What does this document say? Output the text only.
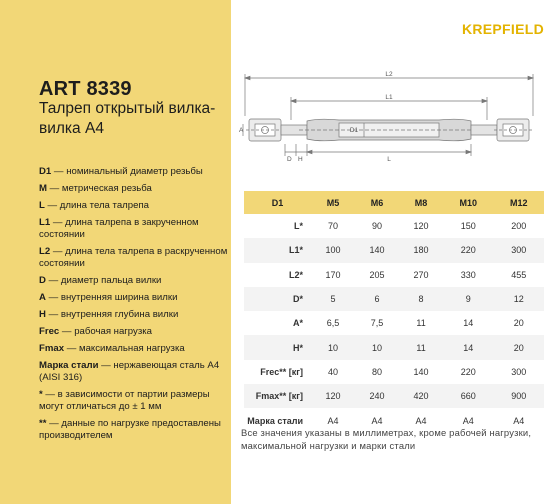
ART 8339
Талреп открытый вилка-вилка A4
D1 — номинальный диаметр резьбы
M — метрическая резьба
L — длина тела талрепа
L1 — длина талрепа в закрученном состоянии
L2 — длина тела талрепа в раскрученном состоянии
D — диаметр пальца вилки
A — внутренняя ширина вилки
H — внутренняя глубина вилки
Frec — рабочая нагрузка
Fmax — максимальная нагрузка
Марка стали — нержавеющая сталь A4 (AISI 316)
* — в зависимости от партии размеры могут отличаться до ± 1 мм
** — данные по нагрузке предоставлены производителем
KREPFIELD
L2
L1
D1
A
D H	L
D1	M5	M6	M8	M10	M12
L*	70	90	120	150	200
L1*	100	140	180	220	300
L2*	170	205	270	330	455
D*	5	6	8	9	12
A*	6,5	7,5	11	14	20
H*	10	10	11	14	20
Frec** [кг]	40	80	140	220	300
Fmax** [кг]	120	240	420	660	900
Марка стали	A4	A4	A4	A4	A4
Все значения указаны в миллиметрах, кроме рабочей нагрузки, максимальной нагрузки и марки стали
